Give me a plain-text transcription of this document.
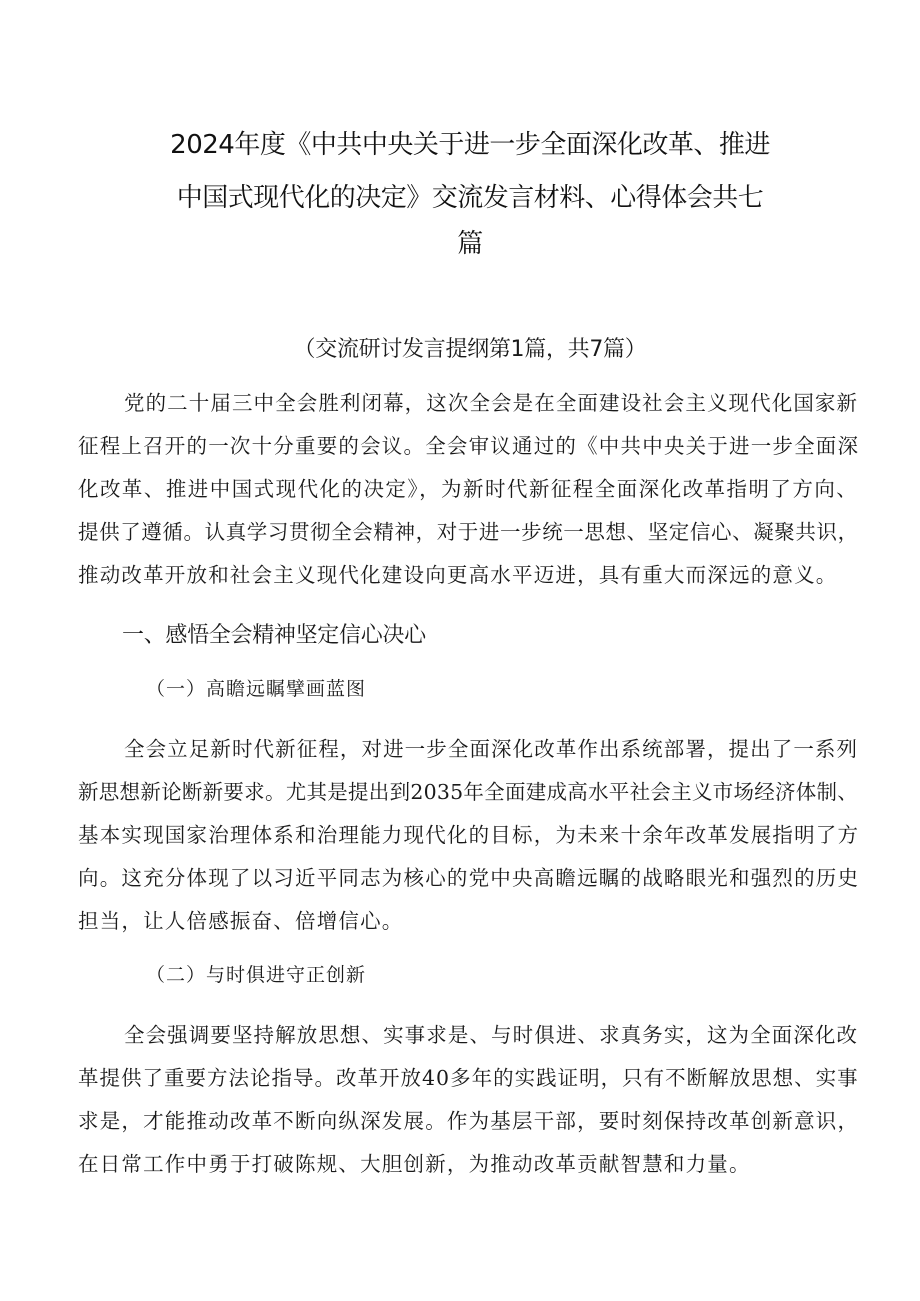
2024年度《中共中央关于进一步全面深化改革、推进
中国式现代化的决定》交流发言材料、心得体会共七
篇
（交流研讨发言提纲第1篇，共7篇）
党的二十届三中全会胜利闭幕，这次全会是在全面建设社会主义现代化国家新
征程上召开的一次十分重要的会议。全会审议通过的《中共中央关于进一步全面深
化改革、推进中国式现代化的决定》，为新时代新征程全面深化改革指明了方向、
提供了遵循。认真学习贯彻全会精神，对于进一步统一思想、坚定信心、凝聚共识，
推动改革开放和社会主义现代化建设向更高水平迈进，具有重大而深远的意义。
一、感悟全会精神坚定信心决心
（一）高瞻远瞩擘画蓝图
全会立足新时代新征程，对进一步全面深化改革作出系统部署，提出了一系列
新思想新论断新要求。尤其是提出到2035年全面建成高水平社会主义市场经济体制、
基本实现国家治理体系和治理能力现代化的目标，为未来十余年改革发展指明了方
向。这充分体现了以习近平同志为核心的党中央高瞻远瞩的战略眼光和强烈的历史
担当，让人倍感振奋、倍增信心。
（二）与时俱进守正创新
全会强调要坚持解放思想、实事求是、与时俱进、求真务实，这为全面深化改
革提供了重要方法论指导。改革开放40多年的实践证明，只有不断解放思想、实事
求是，才能推动改革不断向纵深发展。作为基层干部，要时刻保持改革创新意识，
在日常工作中勇于打破陈规、大胆创新，为推动改革贡献智慧和力量。
